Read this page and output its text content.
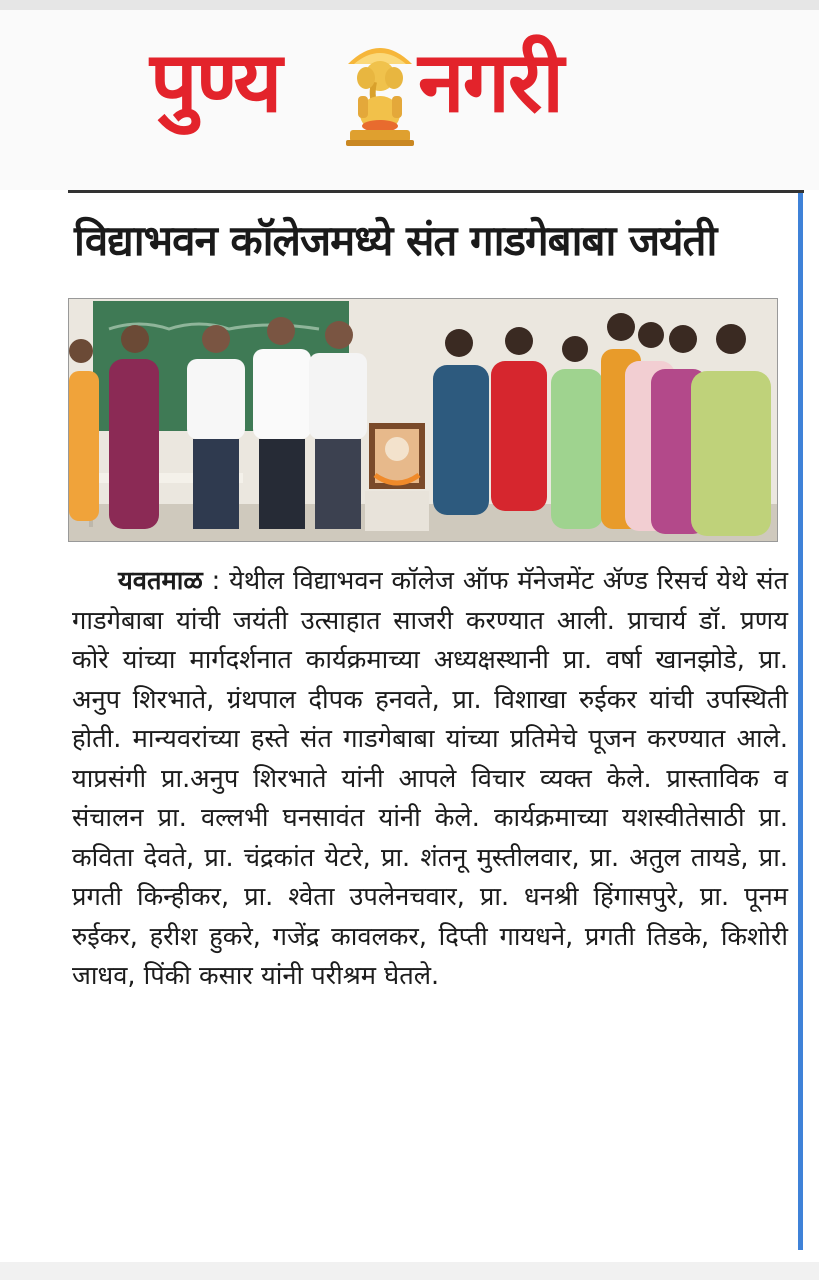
पुण्य नगरी
विद्याभवन कॉलेजमध्ये संत गाडगेबाबा जयंती
यवतमाळ : येथील विद्याभवन कॉलेज ऑफ मॅनेजमेंट ॲण्ड रिसर्च येथे संत गाडगेबाबा यांची जयंती उत्साहात साजरी करण्यात आली. प्राचार्य डॉ. प्रणय कोरे यांच्या मार्गदर्शनात कार्यक्रमाच्या अध्यक्षस्थानी प्रा. वर्षा खानझोडे, प्रा. अनुप शिरभाते, ग्रंथपाल दीपक हनवते, प्रा. विशाखा रुईकर यांची उपस्थिती होती. मान्यवरांच्या हस्ते संत गाडगेबाबा यांच्या प्रतिमेचे पूजन करण्यात आले. याप्रसंगी प्रा.अनुप शिरभाते यांनी आपले विचार व्यक्त केले. प्रास्ताविक व संचालन प्रा. वल्लभी घनसावंत यांनी केले. कार्यक्रमाच्या यशस्वीतेसाठी प्रा. कविता देवते, प्रा. चंद्रकांत येटरे, प्रा. शंतनू मुस्तीलवार, प्रा. अतुल तायडे, प्रा. प्रगती किन्हीकर, प्रा. श्वेता उपलेनचवार, प्रा. धनश्री हिंगासपुरे, प्रा. पूनम रुईकर, हरीश हुकरे, गजेंद्र कावलकर, दिप्ती गायधने, प्रगती तिडके, किशोरी जाधव, पिंकी कसार यांनी परीश्रम घेतले.
